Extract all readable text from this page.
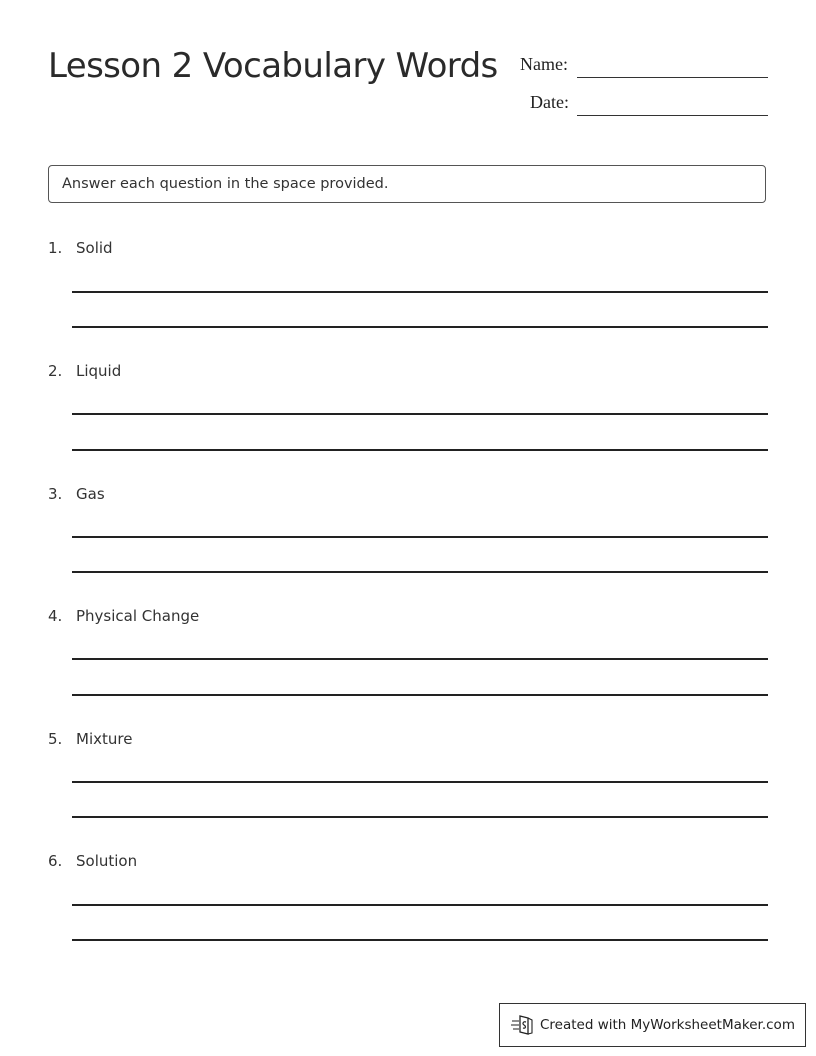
Lesson 2 Vocabulary Words Name:
Date:
Answer each question in the space provided.
1. Solid
2. Liquid
3. Gas
4. Physical Change
5. Mixture
6. Solution
Created with MyWorksheetMaker.com
